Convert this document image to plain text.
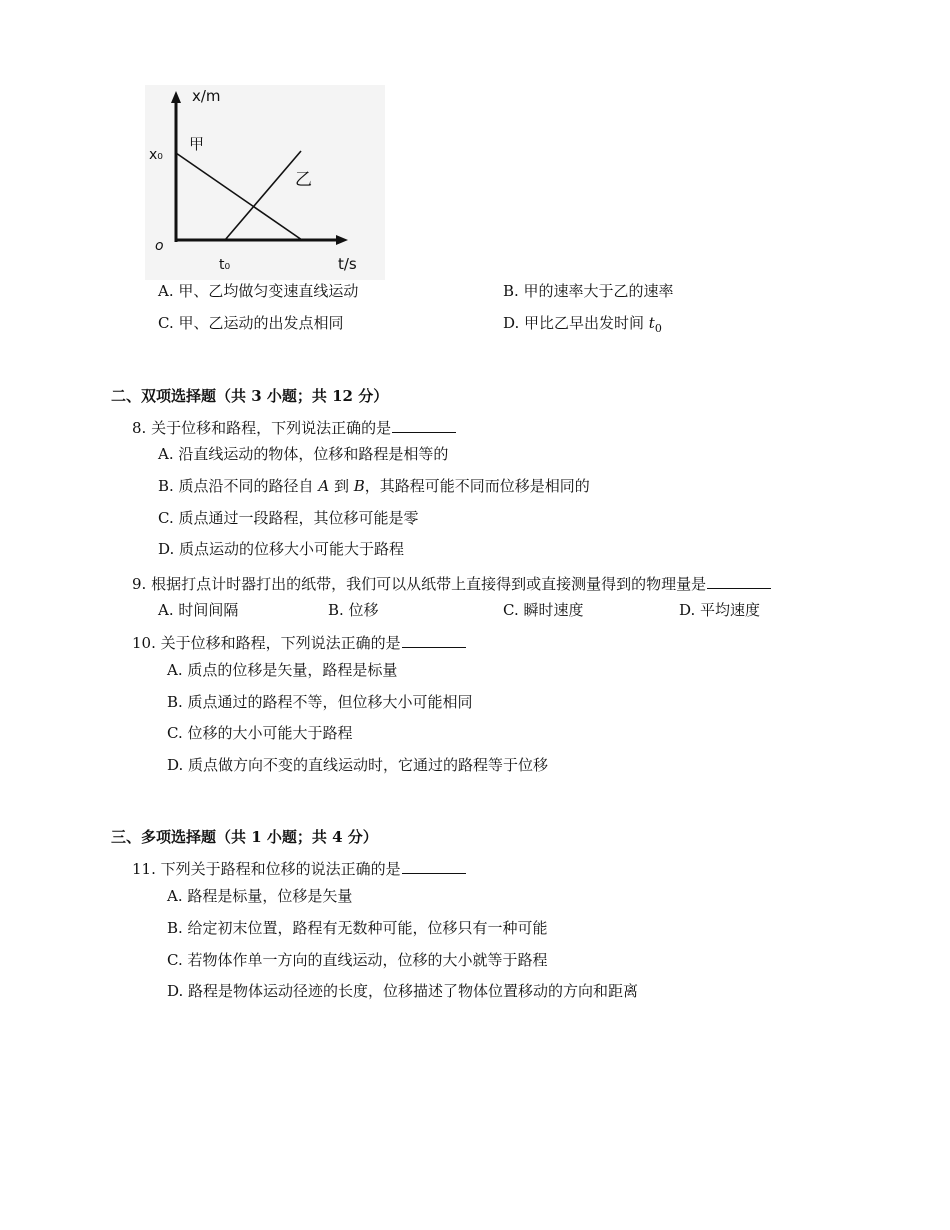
x/m
t/s
o
x₀
t₀
甲
乙
A. 甲、乙均做匀变速直线运动	B. 甲的速率大于乙的速率
C. 甲、乙运动的出发点相同	D. 甲比乙早出发时间 $t_0$
二、双项选择题（共 3 小题；共 12 分）
8. 关于位移和路程，下列说法正确的是
A. 沿直线运动的物体，位移和路程是相等的
B. 质点沿不同的路径自 A 到 B，其路程可能不同而位移是相同的
C. 质点通过一段路程，其位移可能是零
D. 质点运动的位移大小可能大于路程
9. 根据打点计时器打出的纸带，我们可以从纸带上直接得到或直接测量得到的物理量是
A. 时间间隔	B. 位移	C. 瞬时速度	D. 平均速度
10. 关于位移和路程，下列说法正确的是
A. 质点的位移是矢量，路程是标量
B. 质点通过的路程不等，但位移大小可能相同
C. 位移的大小可能大于路程
D. 质点做方向不变的直线运动时，它通过的路程等于位移
三、多项选择题（共 1 小题；共 4 分）
11. 下列关于路程和位移的说法正确的是
A. 路程是标量，位移是矢量
B. 给定初末位置，路程有无数种可能，位移只有一种可能
C. 若物体作单一方向的直线运动，位移的大小就等于路程
D. 路程是物体运动径迹的长度，位移描述了物体位置移动的方向和距离
